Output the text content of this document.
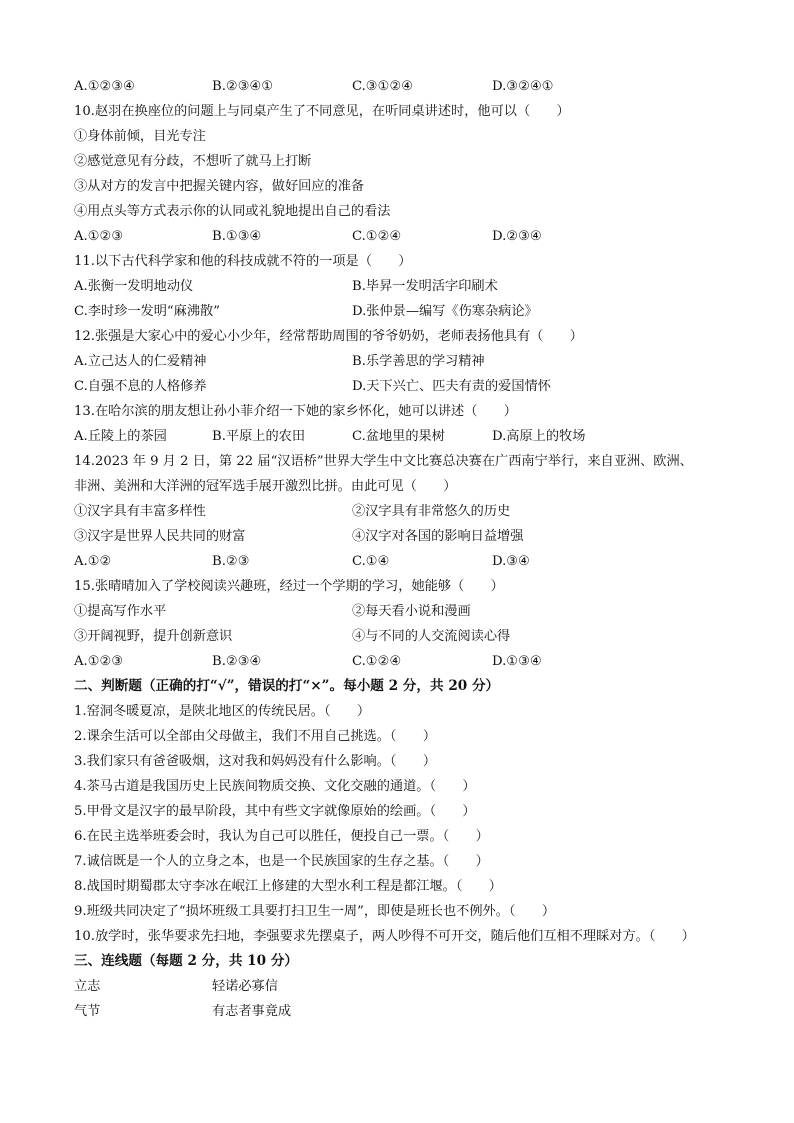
A.①②③④	B.②③④①	C.③①②④	D.③②④①
10.赵羽在换座位的问题上与同桌产生了不同意见，在听同桌讲述时，他可以（　　）
①身体前倾，目光专注
②感觉意见有分歧，不想听了就马上打断
③从对方的发言中把握关键内容，做好回应的准备
④用点头等方式表示你的认同或礼貌地提出自己的看法
A.①②③	B.①③④	C.①②④	D.②③④
11.以下古代科学家和他的科技成就不符的一项是（　　）
A.张衡一发明地动仪	B.毕昇一发明活字印刷术
C.李时珍一发明“麻沸散”	D.张仲景—编写《伤寒杂病论》
12.张强是大家心中的爱心小少年，经常帮助周围的爷爷奶奶，老师表扬他具有（　　）
A.立己达人的仁爱精神	B.乐学善思的学习精神
C.自强不息的人格修养	D.天下兴亡、匹夫有责的爱国情怀
13.在哈尔滨的朋友想让孙小菲介绍一下她的家乡怀化，她可以讲述（　　）
A.丘陵上的茶园	B.平原上的农田	C.盆地里的果树	D.高原上的牧场
14.2023 年 9 月 2 日，第 22 届“汉语桥”世界大学生中文比赛总决赛在广西南宁举行，来自亚洲、欧洲、
非洲、美洲和大洋洲的冠军选手展开激烈比拼。由此可见（　　）
①汉字具有丰富多样性	②汉字具有非常悠久的历史
③汉字是世界人民共同的财富	④汉字对各国的影响日益增强
A.①②	B.②③	C.①④	D.③④
15.张晴晴加入了学校阅读兴趣班，经过一个学期的学习，她能够（　　）
①提高写作水平	②每天看小说和漫画
③开阔视野，提升创新意识	④与不同的人交流阅读心得
A.①②③	B.②③④	C.①②④	D.①③④
二、判断题（正确的打“√”，错误的打“×”。每小题 2 分，共 20 分）
1.窑洞冬暖夏凉，是陕北地区的传统民居。（　　）
2.课余生活可以全部由父母做主，我们不用自己挑选。（　　）
3.我们家只有爸爸吸烟，这对我和妈妈没有什么影响。（　　）
4.茶马古道是我国历史上民族间物质交换、文化交融的通道。（　　）
5.甲骨文是汉字的最早阶段，其中有些文字就像原始的绘画。（　　）
6.在民主选举班委会时，我认为自己可以胜任，便投自己一票。（　　）
7.诚信既是一个人的立身之本，也是一个民族国家的生存之基。（　　）
8.战国时期蜀郡太守李冰在岷江上修建的大型水利工程是都江堰。（　　）
9.班级共同决定了“损坏班级工具要打扫卫生一周”，即使是班长也不例外。（　　）
10.放学时，张华要求先扫地，李强要求先摆桌子，两人吵得不可开交，随后他们互相不理睬对方。（　　）
三、连线题（每题 2 分，共 10 分）
立志	轻诺必寡信
气节	有志者事竟成
